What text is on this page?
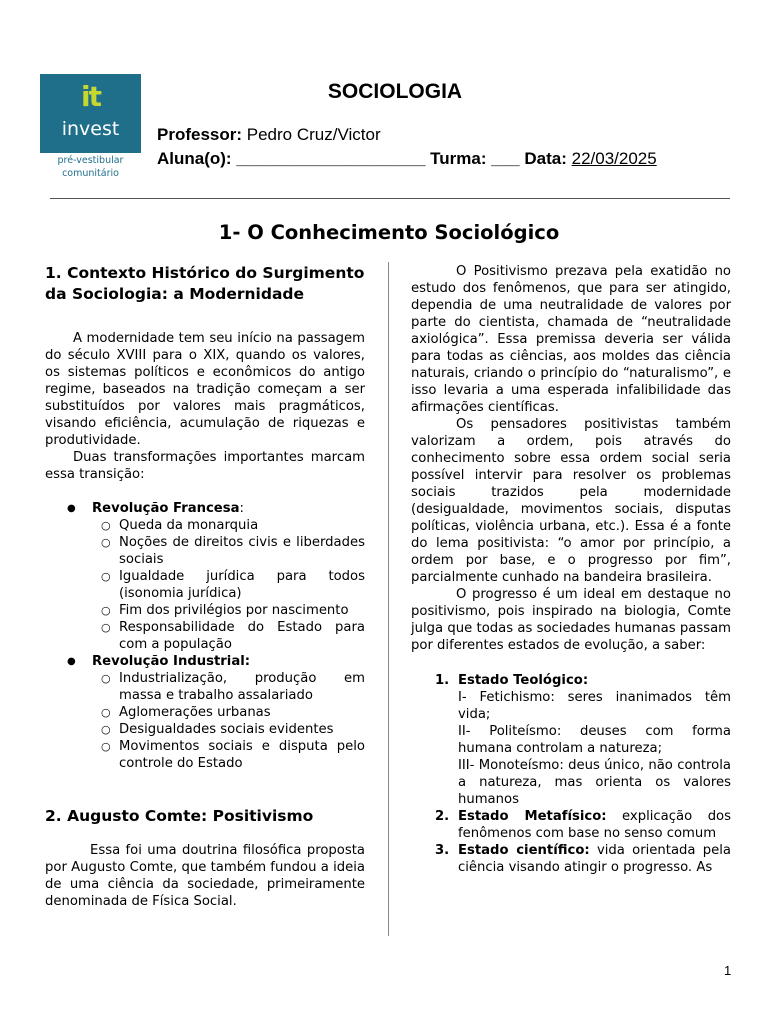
it
invest
pré-vestibular
comunitário
SOCIOLOGIA
Professor: Pedro Cruz/Victor
Aluna(o): ____________________ Turma: ___ Data: 22/03/2025
1- O Conhecimento Sociológico
1. Contexto Histórico do Surgimento da Sociologia: a Modernidade

A modernidade tem seu início na passagem do século XVIII para o XIX, quando os valores, os sistemas políticos e econômicos do antigo regime, baseados na tradição começam a ser substituídos por valores mais pragmáticos, visando eficiência, acumulação de riquezas e produtividade.

Duas transformações importantes marcam essa transição:

● Revolução Francesa:
○ Queda da monarquia
○ Noções de direitos civis e liberdades sociais
○ Igualdade jurídica para todos (isonomia jurídica)
○ Fim dos privilégios por nascimento
○ Responsabilidade do Estado para com a população
● Revolução Industrial:
○ Industrialização, produção em massa e trabalho assalariado
○ Aglomerações urbanas
○ Desigualdades sociais evidentes
○ Movimentos sociais e disputa pelo controle do Estado
2. Augusto Comte: Positivismo

Essa foi uma doutrina filosófica proposta por Augusto Comte, que também fundou a ideia de uma ciência da sociedade, primeiramente denominada de Física Social.

O Positivismo prezava pela exatidão no estudo dos fenômenos, que para ser atingido, dependia de uma neutralidade de valores por parte do cientista, chamada de “neutralidade axiológica”. Essa premissa deveria ser válida para todas as ciências, aos moldes das ciência naturais, criando o princípio do “naturalismo”, e isso levaria a uma esperada infalibilidade das afirmações científicas.

Os pensadores positivistas também valorizam a ordem, pois através do conhecimento sobre essa ordem social seria possível intervir para resolver os problemas sociais trazidos pela modernidade (desigualdade, movimentos sociais, disputas políticas, violência urbana, etc.). Essa é a fonte do lema positivista: “o amor por princípio, a ordem por base, e o progresso por fim”, parcialmente cunhado na bandeira brasileira.

O progresso é um ideal em destaque no positivismo, pois inspirado na biologia, Comte julga que todas as sociedades humanas passam por diferentes estados de evolução, a saber:

1. Estado Teológico:
I- Fetichismo: seres inanimados têm vida;
II- Politeísmo: deuses com forma humana controlam a natureza;
III- Monoteísmo: deus único, não controla a natureza, mas orienta os valores humanos
2. Estado Metafísico: explicação dos fenômenos com base no senso comum
3. Estado científico: vida orientada pela ciência visando atingir o progresso. As
1
